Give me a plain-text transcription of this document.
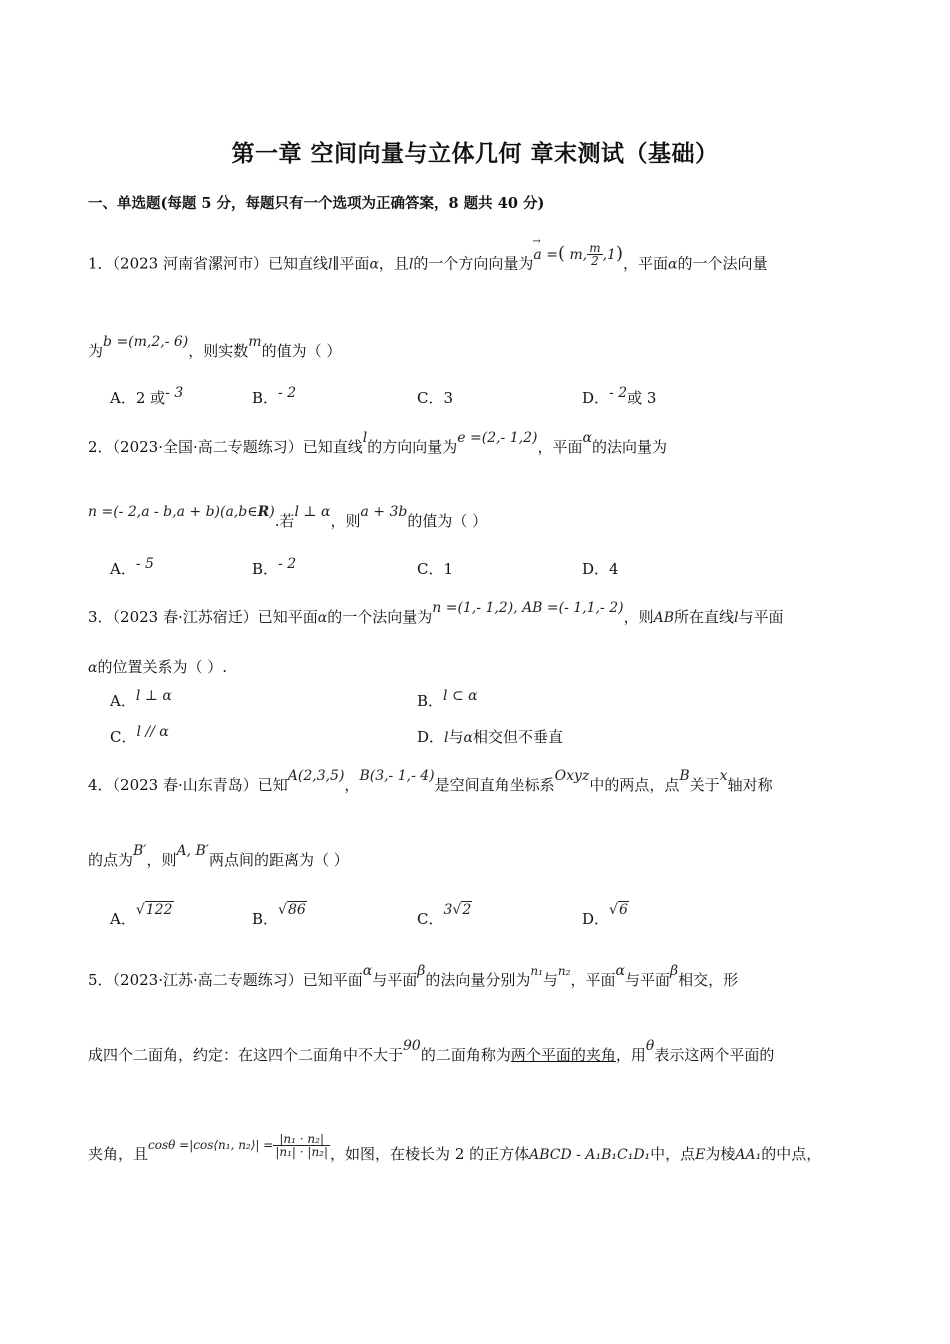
第一章 空间向量与立体几何 章末测试（基础）
一、单选题(每题 5 分，每题只有一个选项为正确答案，8 题共 40 分)
1．（2023 河南省漯河市）已知直线l∥平面α，且l的一个方向向量为→ a =( m, $\frac{m}{2} ,1$)，平面α的一个法向量
为b =(m,2,- 6)，则实数m的值为（ ）
A．2 或- 3	B．- 2	C．3	D．- 2或 3
2．（2023·全国·高二专题练习）已知直线l的方向向量为e =(2,- 1,2)，平面α的法向量为
n =(- 2,a - b,a + b)(a,b∈R).若l ⊥ α，则a + 3b的值为（ ）
A．- 5	B．- 2	C．1	D．4
3．（2023 春·江苏宿迁）已知平面α的一个法向量为n =(1,- 1,2), AB =(- 1,1,- 2)，则AB所在直线l与平面
α的位置关系为（ ）.
A．l ⊥ α	B．l ⊂ α
C．l // α	D．l与α相交但不垂直
4．（2023 春·山东青岛）已知A(2,3,5)，B(3,- 1,- 4)是空间直角坐标系Oxyz中的两点，点B关于x轴对称
的点为B′，则A, B′两点间的距离为（ ）
A．√122	B．√86	C．3√2	D．√6
5．（2023·江苏·高二专题练习）已知平面α与平面β的法向量分别为$^{n_1}$与$^{n_2}$，平面α与平面β相交，形
成四个二面角，约定：在这四个二面角中不大于90的二面角称为两个平面的夹角，用θ表示这两个平面的
夹角，且$^{cos\theta =|cos⟨n_1, n_2⟩| = \frac{\text{|n₁ · n₂|}}{\text{|n₁| · |n₂|}}}$ ，如图，在棱长为 2 的正方体ABCD - A₁B₁C₁D₁中，点E为棱AA₁的中点，
